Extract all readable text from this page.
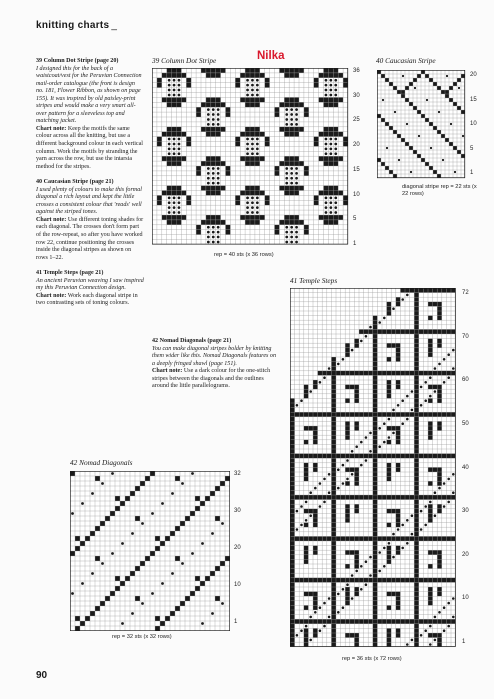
knitting charts _
Nilka
39 Column Dot Stripe (page 20)
I designed this for the back of a waistcoat/vest for the Peruvian Connection mail-order catalogue (the front is design no. 181, Flower Ribbon, as shown on page 155). It was inspired by old paisley-print stripes and would make a very smart all-over pattern for a sleeveless top and matching jacket.
Chart note: Keep the motifs the same colour across all the knitting, but use a different background colour in each vertical column. Work the motifs by stranding the yarn across the row, but use the intarsia method for the stripes.
40 Caucasian Stripe (page 21)
I used plenty of colours to make this formal diagonal a rich layout and kept the little crosses a consistent colour that 'reads' well against the striped tones.
Chart note: Use different toning shades for each diagonal. The crosses don't form part of the row-repeat, so after you have worked row 22, continue positioning the crosses inside the diagonal stripes as shown on rows 1–22.
41 Temple Steps (page 21)
An ancient Peruvian weaving I saw inspired my this Peruvian Connection design.
Chart note: Work each diagonal stripe in two contrasting sets of toning colours.
42 Nomad Diagonals (page 21)
You can make diagonal stripes bolder by knitting them wider like this. Nomad Diagonals features on a deeply fringed shawl (page 151).
Chart note: Use a dark colour for the one-stitch stripes between the diagonals and the outlines around the little parallelograms.
39 Column Dot Stripe
36
30
25
20
15
10
5
1
rep = 40 sts (x 36 rows)
40 Caucasian Stripe
20
15
10
5
1
diagonal stripe rep = 22 sts (x 22 rows)
41 Temple Steps
72
70
60
50
40
30
20
10
1
rep = 36 sts (x 72 rows)
42 Nomad Diagonals
32
30
20
10
1
rep = 32 sts (x 32 rows)
90
